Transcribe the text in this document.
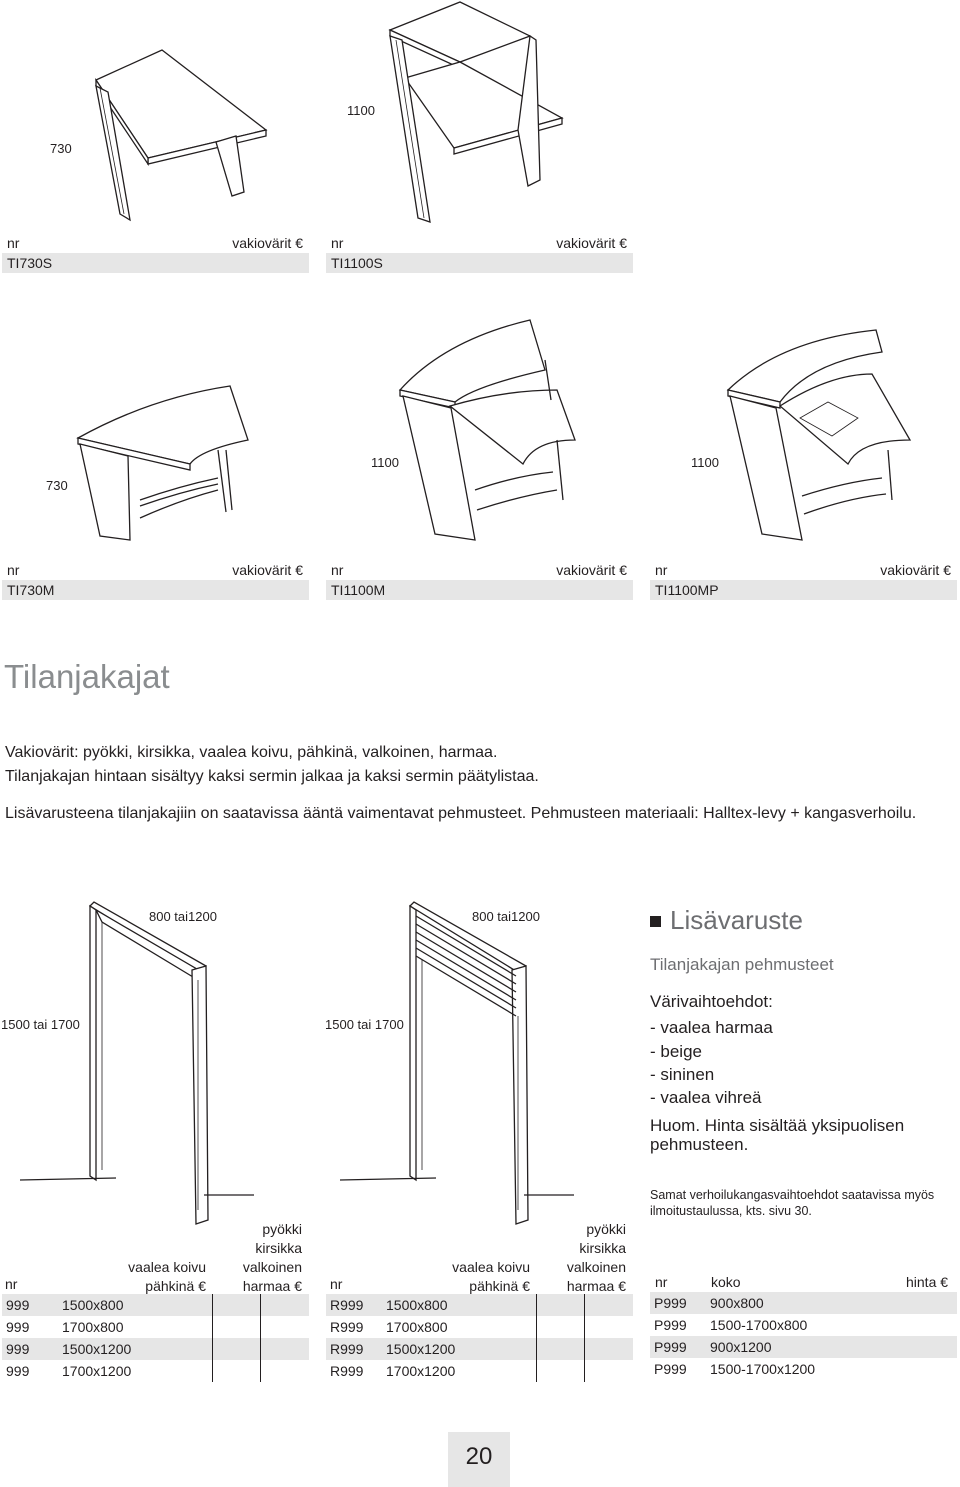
730
1100
nr	vakiovärit €
TI730S
nr	vakiovärit €
TI1100S
730
1100	1100
nr	vakiovärit €
TI730M
nr	vakiovärit €
TI1100M
nr	vakiovärit €
TI1100MP
Tilanjakajat
Vakiovärit: pyökki, kirsikka, vaalea koivu, pähkinä, valkoinen, harmaa.
Tilanjakajan hintaan sisältyy kaksi sermin jalkaa ja kaksi sermin päätylistaa.
Lisävarusteena tilanjakajiin on saatavissa ääntä vaimentavat pehmusteet. Pehmusteen materiaali: Halltex-levy + kangasverhoilu.
800 tai1200
1500 tai 1700
800 tai1200
1500 tai 1700
Lisävaruste
Tilanjakajan pehmusteet
Värivaihtoehdot:
- vaalea harmaa
- beige
- sininen
- vaalea vihreä
Huom. Hinta sisältää yksipuolisen pehmusteen.
Samat verhoilukangasvaihtoehdot saatavissa myös ilmoitustaulussa, kts. sivu 30.
nr
vaalea koivu
pähkinä €
pyökki
kirsikka
valkoinen
harmaa €
999	1500x800		
999	1700x800		
999	1500x1200		
999	1700x1200		
nr
vaalea koivu
pähkinä €
pyökki
kirsikka
valkoinen
harmaa €
R999	1500x800		
R999	1700x800		
R999	1500x1200		
R999	1700x1200		
nr	koko	hinta €
P999	900x800
P999	1500-1700x800
P999	900x1200
P999	1500-1700x1200
20
